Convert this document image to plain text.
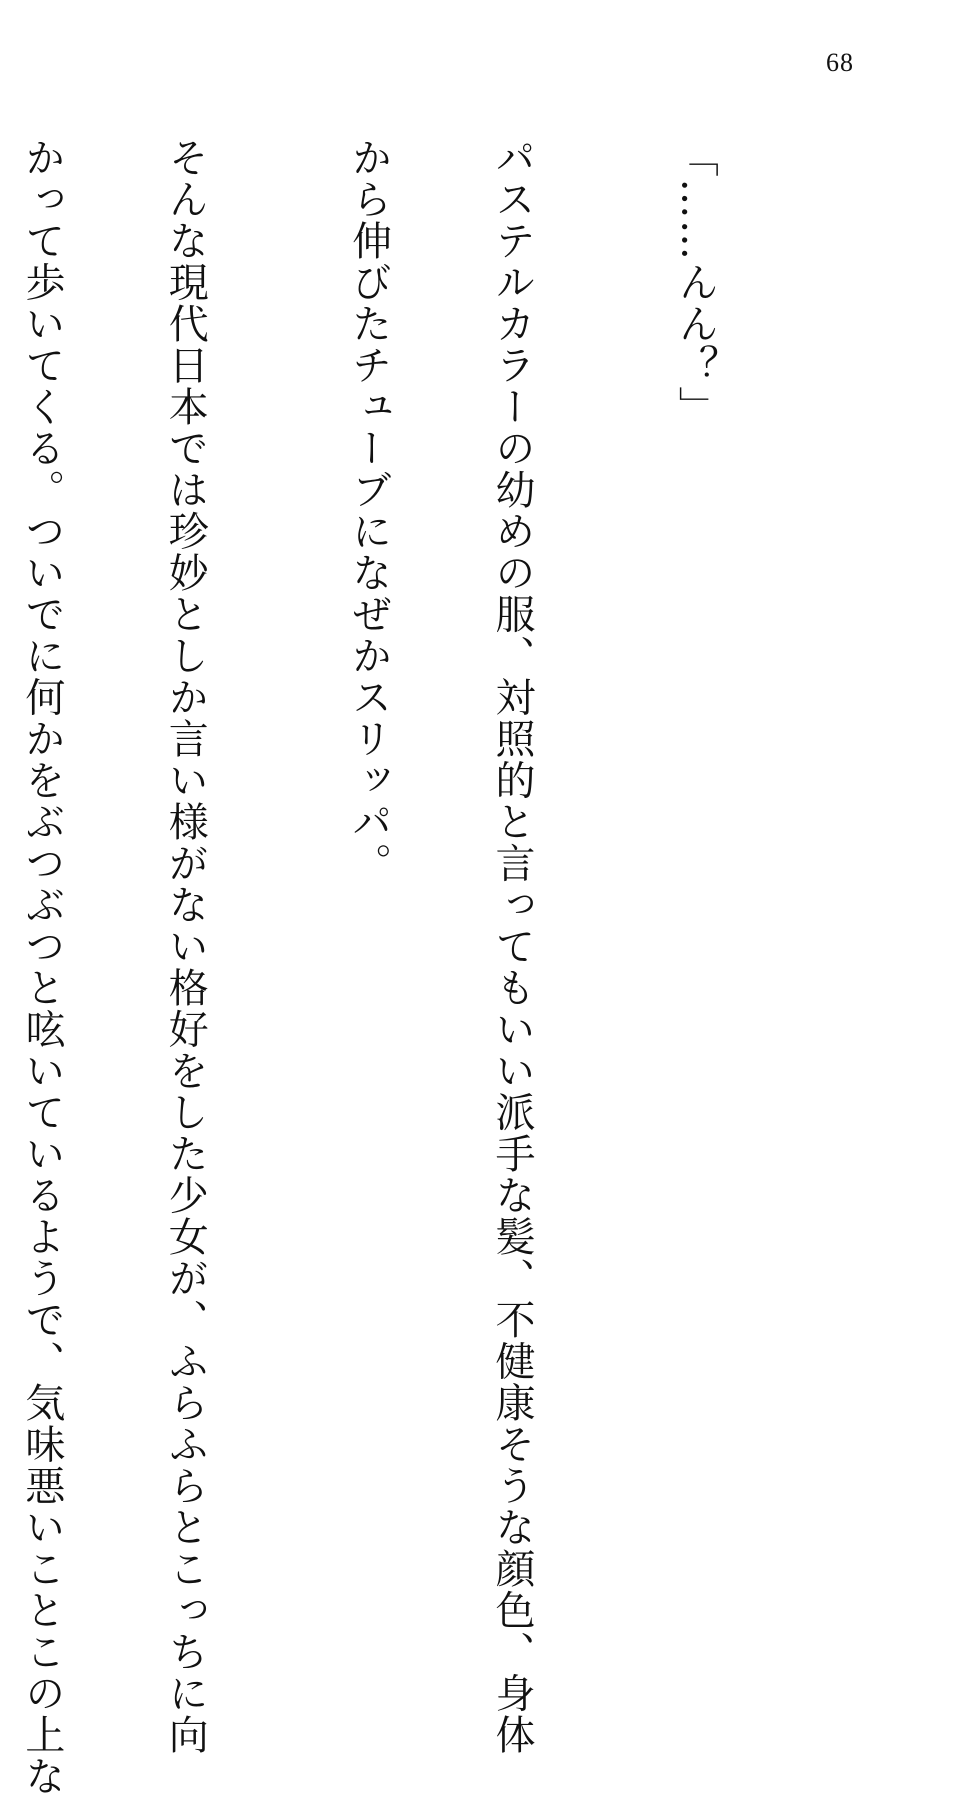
68

「……んん？」

パステルカラーの幼めの服、対照的と言ってもいい派手な髪、不健康そうな顔色、身体

から伸びたチューブになぜかスリッパ。

そんな現代日本では珍妙としか言い様がない格好をした少女が、ふらふらとこっちに向

かって歩いてくる。ついでに何かをぶつぶつと呟いているようで、気味悪いことこの上な
